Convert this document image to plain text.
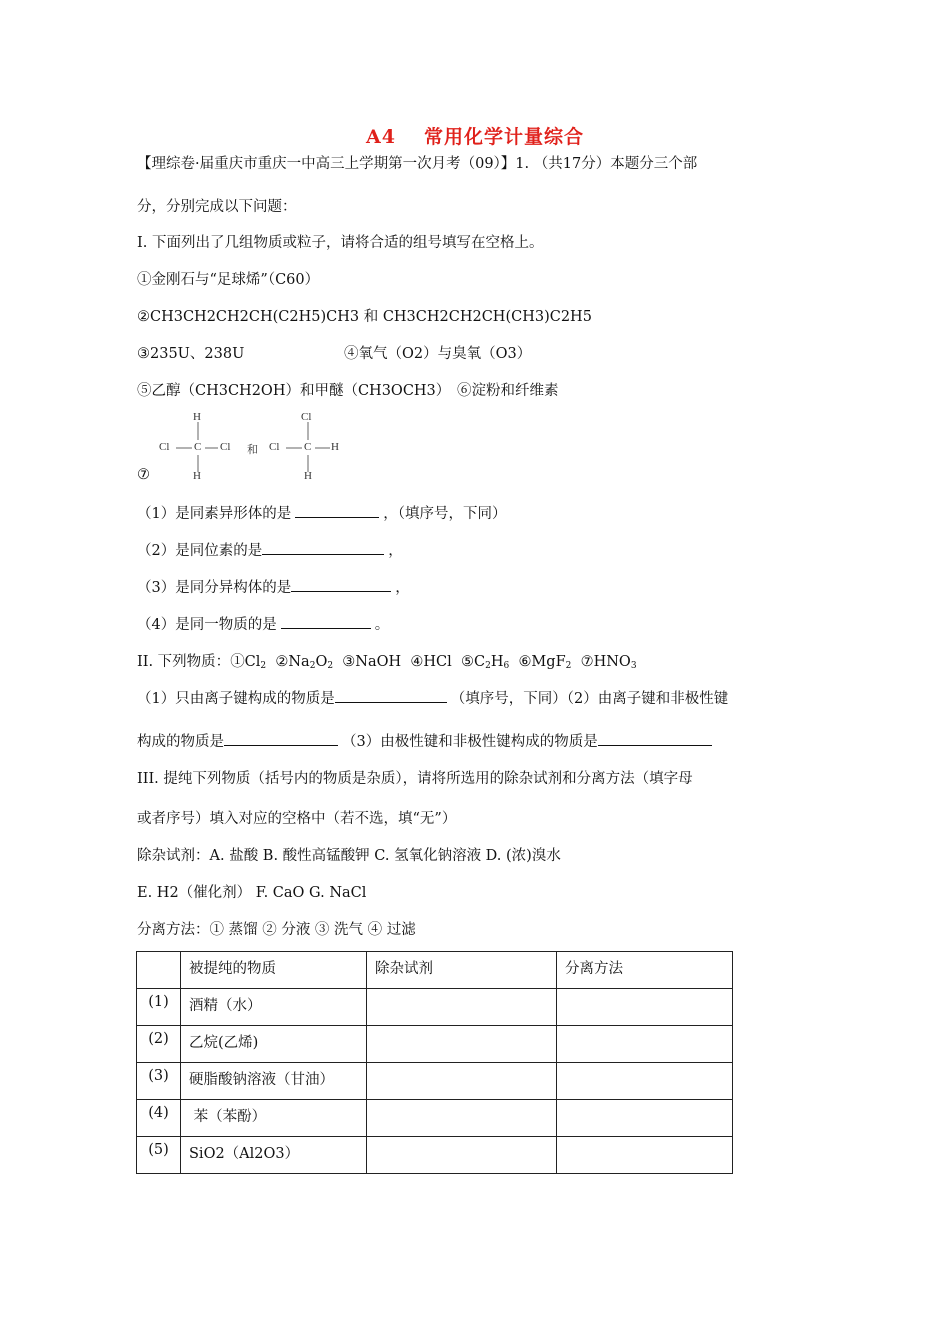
A4 常用化学计量综合
【理综卷·届重庆市重庆一中高三上学期第一次月考（09）】1. （共17分）本题分三个部
分，分别完成以下问题：
I. 下面列出了几组物质或粒子，请将合适的组号填写在空格上。
①金刚石与“足球烯”（C60）
②CH3CH2CH2CH(C2H5)CH3 和 CH3CH2CH2CH(CH3)C2H5
③235U、238U	④氧气（O2）与臭氧（O3）
⑤乙醇（CH3CH2OH）和甲醚（CH3OCH3） ⑥淀粉和纤维素
H
Cl C Cl
H
和
Cl
Cl C H
H
⑦
（1）是同素异形体的是	，（填序号，下同）
（2）是同位素的是	，
（3）是同分异构体的是	，
（4）是同一物质的是	。
II. 下列物质：$①Cl_2$ $②Na_2O_2$ ③NaOH ④HCl $⑤C_2H_6$ ⑥MgF$_2$ $⑦HNO_3$
（1）只由离子键构成的物质是	（填序号，下同）（2）由离子键和非极性键
构成的物质是	（3）由极性键和非极性键构成的物质是
III. 提纯下列物质（括号内的物质是杂质），请将所选用的除杂试剂和分离方法（填字母
或者序号）填入对应的空格中（若不选，填“无”）
除杂试剂：A. 盐酸 B. 酸性高锰酸钾 C. 氢氧化钠溶液 D. (浓)溴水
E. H2（催化剂） F. CaO G. NaCl
分离方法：① 蒸馏 ② 分液 ③ 洗气 ④ 过滤
	被提纯的物质	除杂试剂	分离方法
(1)	酒精（水）		
(2)	乙烷(乙烯)		
(3)	硬脂酸钠溶液（甘油）		
(4)	苯（苯酚）		
(5)	SiO2（Al2O3）		
